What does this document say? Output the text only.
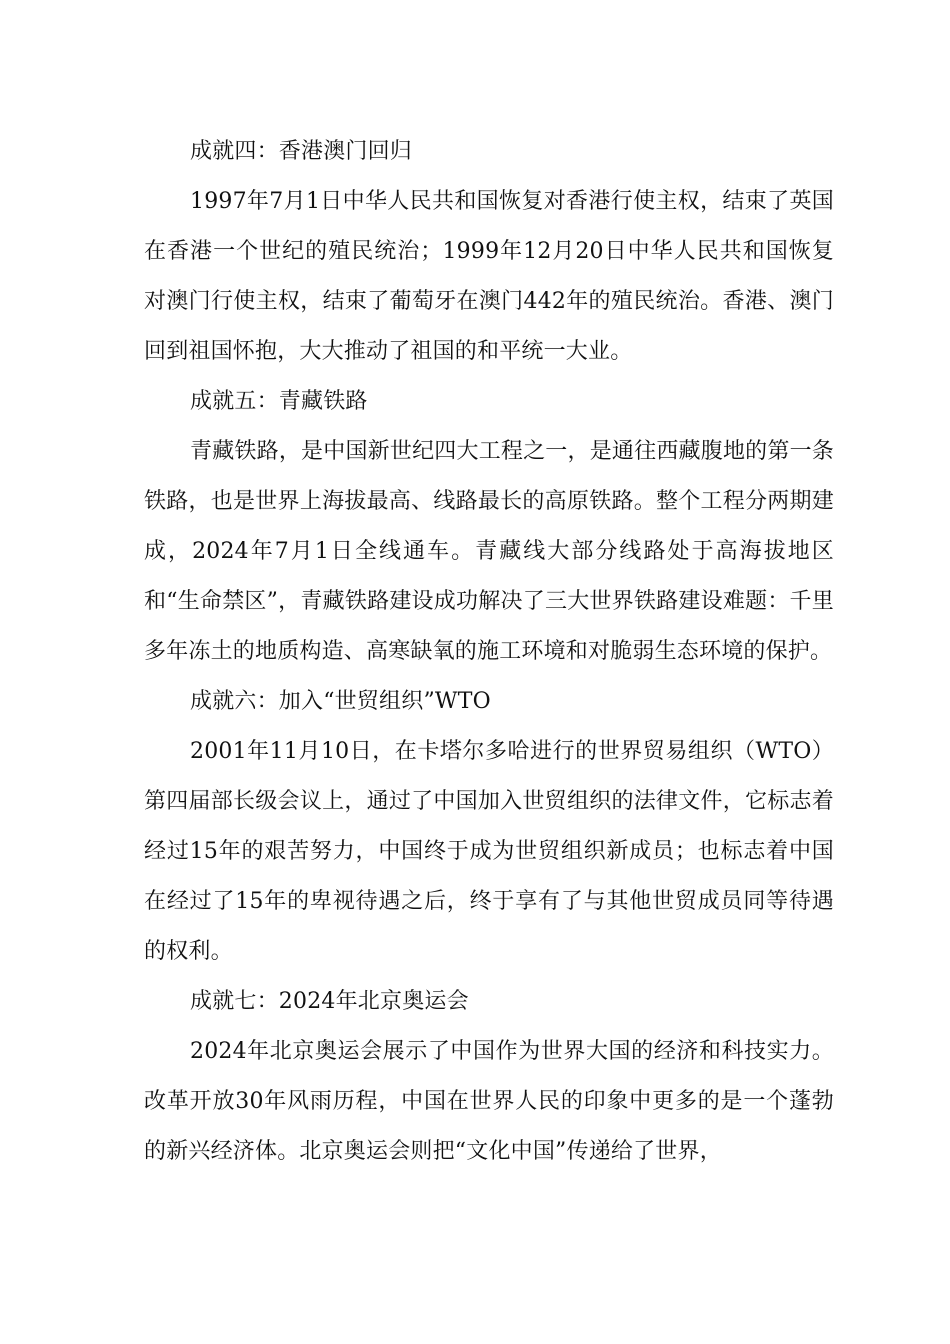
成就四：香港澳门回归

1997年7月1日中华人民共和国恢复对香港行使主权，结束了英国在香港一个世纪的殖民统治；1999年12月20日中华人民共和国恢复对澳门行使主权，结束了葡萄牙在澳门442年的殖民统治。香港、澳门回到祖国怀抱，大大推动了祖国的和平统一大业。

成就五：青藏铁路

青藏铁路，是中国新世纪四大工程之一，是通往西藏腹地的第一条铁路，也是世界上海拔最高、线路最长的高原铁路。整个工程分两期建成，2024年7月1日全线通车。青藏线大部分线路处于高海拔地区和“生命禁区”，青藏铁路建设成功解决了三大世界铁路建设难题：千里多年冻土的地质构造、高寒缺氧的施工环境和对脆弱生态环境的保护。

成就六：加入“世贸组织”WTO

2001年11月10日，在卡塔尔多哈进行的世界贸易组织（WTO）第四届部长级会议上，通过了中国加入世贸组织的法律文件，它标志着经过15年的艰苦努力，中国终于成为世贸组织新成员；也标志着中国在经过了15年的卑视待遇之后，终于享有了与其他世贸成员同等待遇的权利。

成就七：2024年北京奥运会

2024年北京奥运会展示了中国作为世界大国的经济和科技实力。改革开放30年风雨历程，中国在世界人民的印象中更多的是一个蓬勃的新兴经济体。北京奥运会则把“文化中国”传递给了世界，
